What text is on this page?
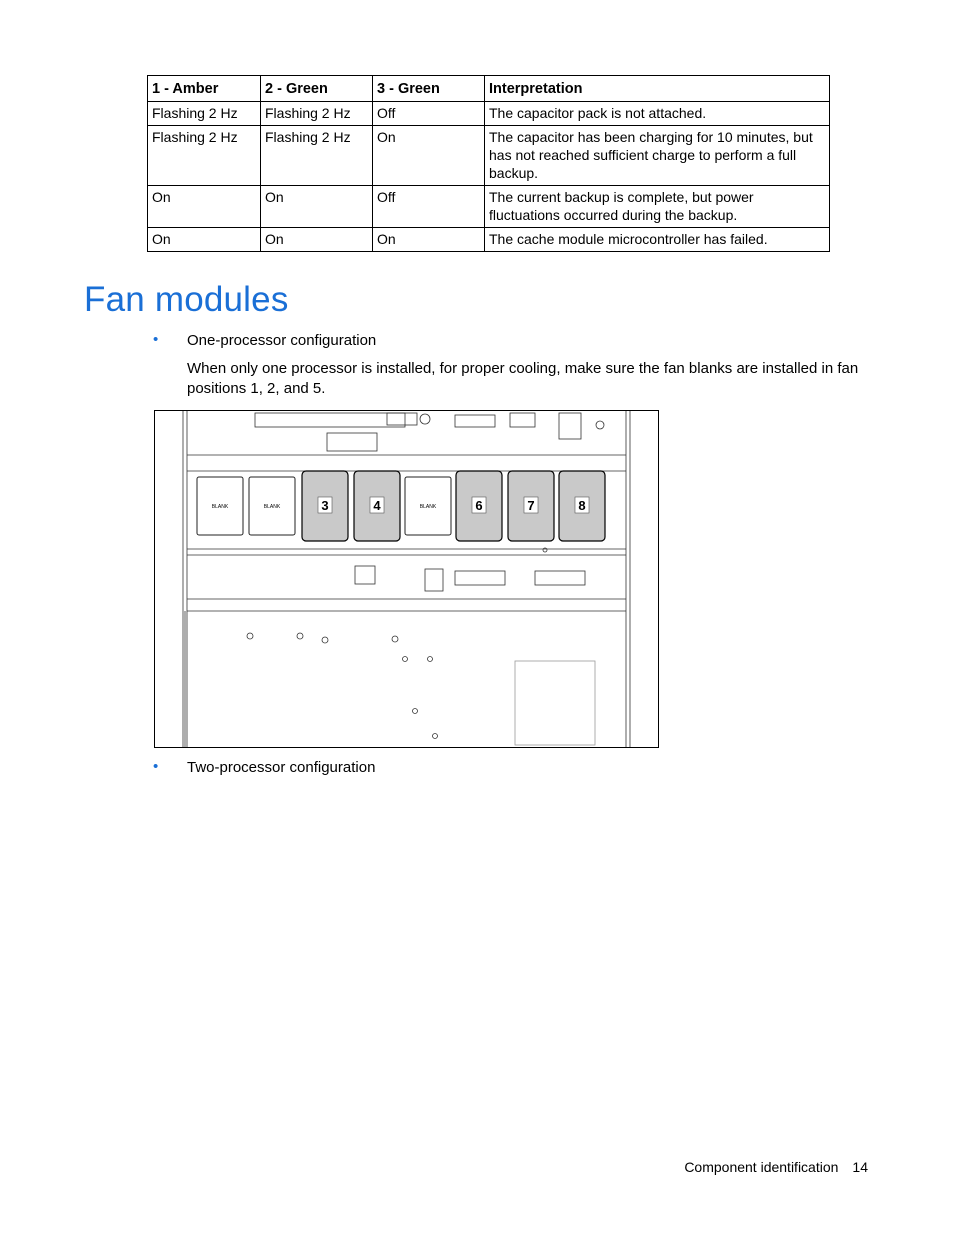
1 - Amber	2 - Green	3 - Green	Interpretation
Flashing 2 Hz	Flashing 2 Hz	Off	The capacitor pack is not attached.
Flashing 2 Hz	Flashing 2 Hz	On	The capacitor has been charging for 10 minutes, but has not reached sufficient charge to perform a full backup.
On	On	Off	The current backup is complete, but power fluctuations occurred during the backup.
On	On	On	The cache module microcontroller has failed.
Fan modules
• One-processor configuration

When only one processor is installed, for proper cooling, make sure the fan blanks are installed in fan positions 1, 2, and 5.

BLANK	BLANK	BLANK
3	4	6	7	8
• Two-processor configuration
Component identification 14
